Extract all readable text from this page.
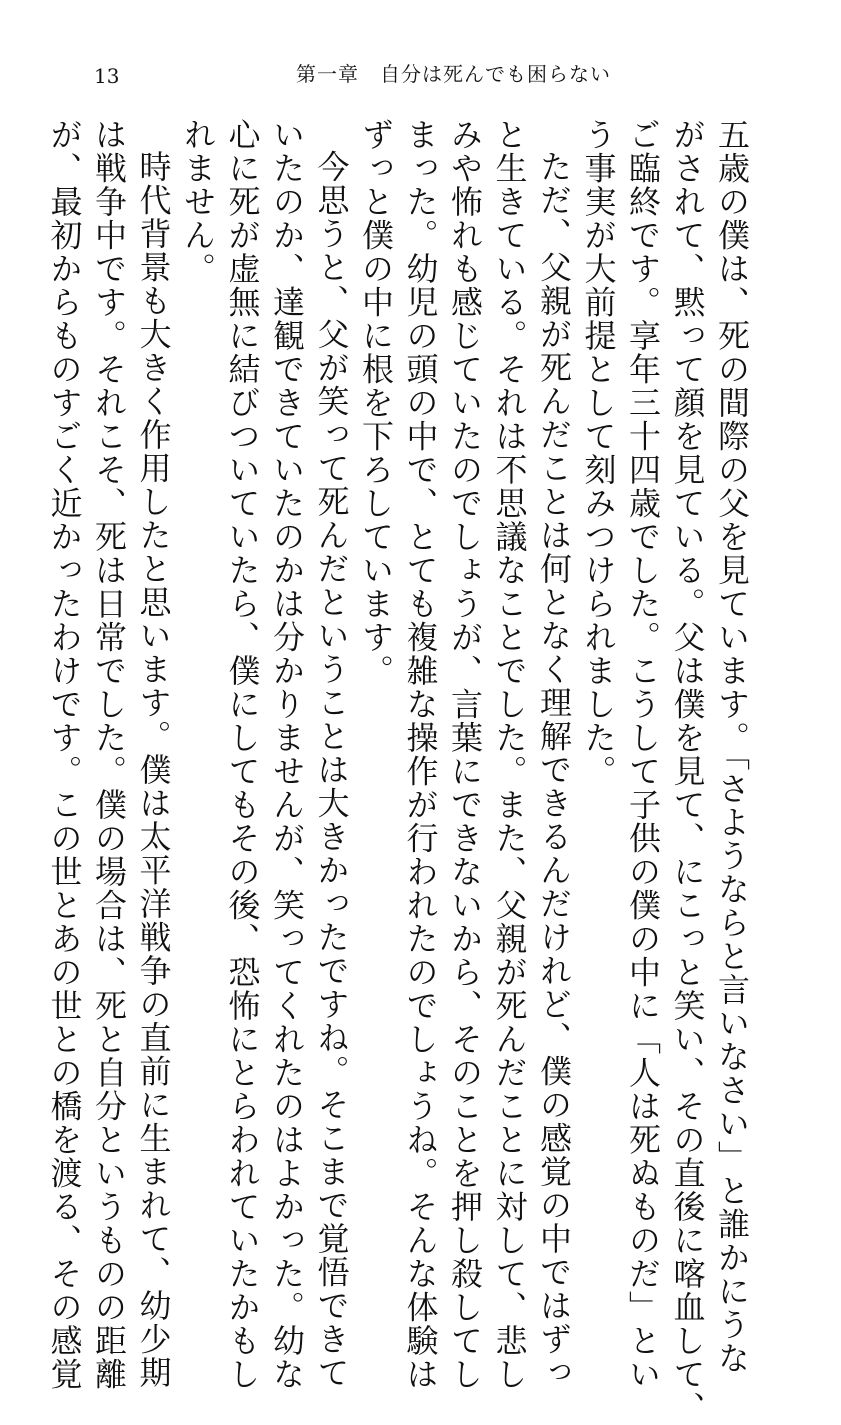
13	第一章　自分は死んでも困らない
五歳の僕は、死の間際の父を見ています。「さようならと言いなさい」と誰かにうな
がされて、黙って顔を見ている。父は僕を見て、にこっと笑い、その直後に喀血して、
ご臨終です。享年三十四歳でした。こうして子供の僕の中に「人は死ぬものだ」とい
う事実が大前提として刻みつけられました。
ただ、父親が死んだことは何となく理解できるんだけれど、僕の感覚の中ではずっ
と生きている。それは不思議なことでした。また、父親が死んだことに対して、悲し
みや怖れも感じていたのでしょうが、言葉にできないから、そのことを押し殺してし
まった。幼児の頭の中で、とても複雑な操作が行われたのでしょうね。そんな体験は
ずっと僕の中に根を下ろしています。
今思うと、父が笑って死んだということは大きかったですね。そこまで覚悟できて
いたのか、達観できていたのかは分かりませんが、笑ってくれたのはよかった。幼な
心に死が虚無に結びついていたら、僕にしてもその後、恐怖にとらわれていたかもし
れません。
時代背景も大きく作用したと思います。僕は太平洋戦争の直前に生まれて、幼少期
は戦争中です。それこそ、死は日常でした。僕の場合は、死と自分というものの距離
が、最初からものすごく近かったわけです。この世とあの世との橋を渡る、その感覚
